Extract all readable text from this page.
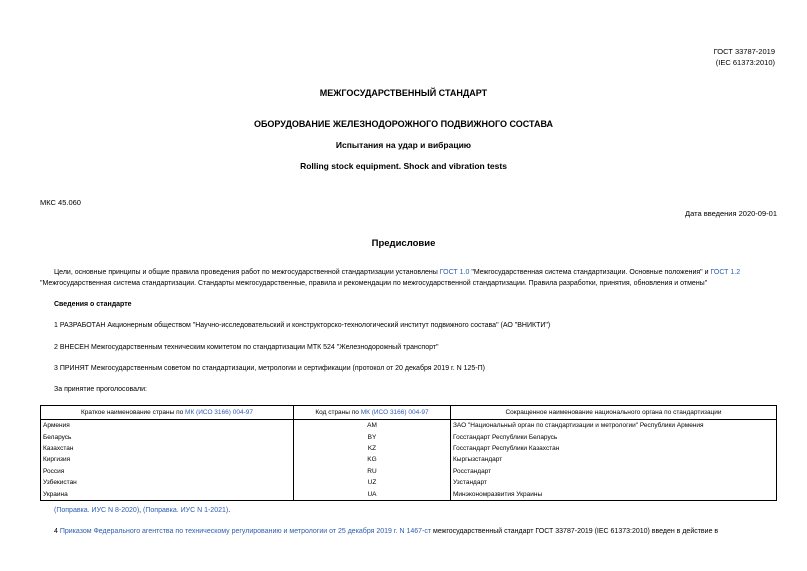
ГОСТ 33787-2019
(IEC 61373:2010)
МЕЖГОСУДАРСТВЕННЫЙ СТАНДАРТ
ОБОРУДОВАНИЕ ЖЕЛЕЗНОДОРОЖНОГО ПОДВИЖНОГО СОСТАВА
Испытания на удар и вибрацию
Rolling stock equipment. Shock and vibration tests
МКС 45.060
Дата введения 2020-09-01
Предисловие
Цели, основные принципы и общие правила проведения работ по межгосударственной стандартизации установлены ГОСТ 1.0 "Межгосударственная система стандартизации. Основные положения" и ГОСТ 1.2 "Межгосударственная система стандартизации. Стандарты межгосударственные, правила и рекомендации по межгосударственной стандартизации. Правила разработки, принятия, обновления и отмены"
Сведения о стандарте
1 РАЗРАБОТАН Акционерным обществом "Научно-исследовательский и конструкторско-технологический институт подвижного состава" (АО "ВНИКТИ")
2 ВНЕСЕН Межгосударственным техническим комитетом по стандартизации МТК 524 "Железнодорожный транспорт"
3 ПРИНЯТ Межгосударственным советом по стандартизации, метрологии и сертификации (протокол от 20 декабря 2019 г. N 125-П)
За принятие проголосовали:
Краткое наименование страны по МК (ИСО 3166) 004-97	Код страны по МК (ИСО 3166) 004-97	Сокращенное наименование национального органа по стандартизации
Армения	AM	ЗАО "Национальный орган по стандартизации и метрологии" Республики Армения
Беларусь	BY	Госстандарт Республики Беларусь
Казахстан	KZ	Госстандарт Республики Казахстан
Киргизия	KG	Кыргызстандарт
Россия	RU	Росстандарт
Узбекистан	UZ	Узстандарт
Украина	UA	Минэкономразвития Украины
(Поправка. ИУС N 8-2020), (Поправка. ИУС N 1-2021).
4 Приказом Федерального агентства по техническому регулированию и метрологии от 25 декабря 2019 г. N 1467-ст межгосударственный стандарт ГОСТ 33787-2019 (IEC 61373:2010) введен в действие в
